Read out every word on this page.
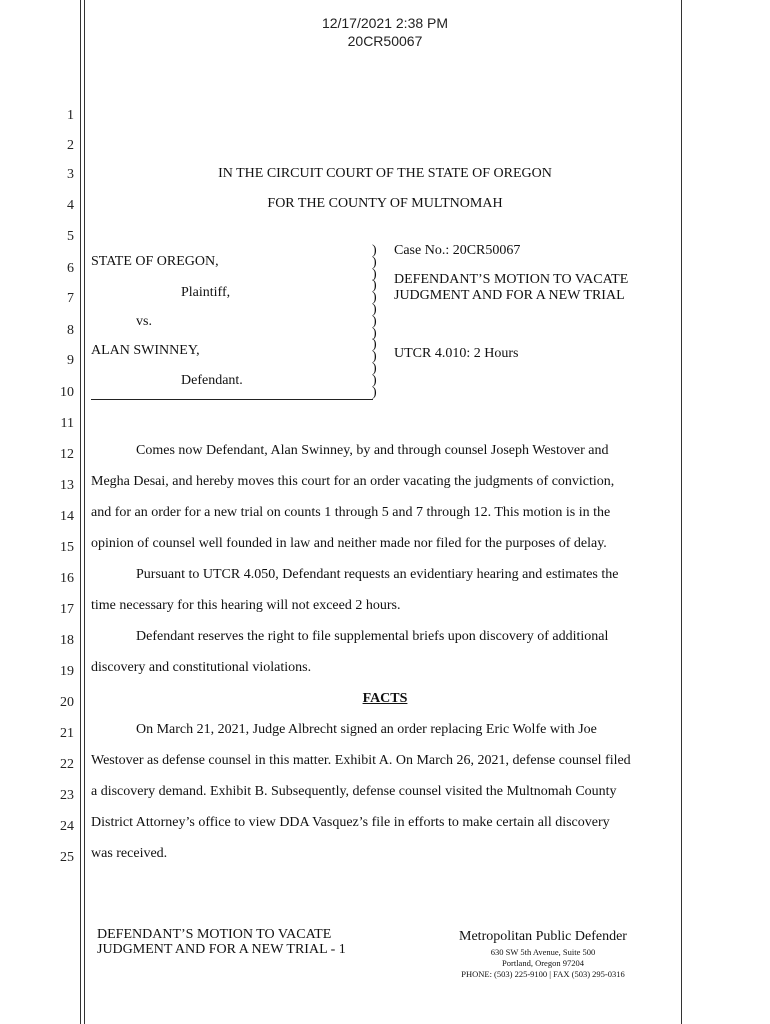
12/17/2021 2:38 PM
20CR50067
1
2
3
4
5
6
7
8
9
10
11
12
13
14
15
16
17
18
19
20
21
22
23
24
25
IN THE CIRCUIT COURT OF THE STATE OF OREGON
FOR THE COUNTY OF MULTNOMAH
STATE OF OREGON,
Plaintiff,
vs.
ALAN SWINNEY,
Defendant.
)
)
)
)
)
)
)
)
)
)
)
)
)
Case No.: 20CR50067
DEFENDANT’S MOTION TO VACATE
JUDGMENT AND FOR A NEW TRIAL
UTCR 4.010: 2 Hours
Comes now Defendant, Alan Swinney, by and through counsel Joseph Westover and
Megha Desai, and hereby moves this court for an order vacating the judgments of conviction,
and for an order for a new trial on counts 1 through 5 and 7 through 12. This motion is in the
opinion of counsel well founded in law and neither made nor filed for the purposes of delay.
Pursuant to UTCR 4.050, Defendant requests an evidentiary hearing and estimates the
time necessary for this hearing will not exceed 2 hours.
Defendant reserves the right to file supplemental briefs upon discovery of additional
discovery and constitutional violations.
FACTS
On March 21, 2021, Judge Albrecht signed an order replacing Eric Wolfe with Joe
Westover as defense counsel in this matter. Exhibit A. On March 26, 2021, defense counsel filed
a discovery demand. Exhibit B. Subsequently, defense counsel visited the Multnomah County
District Attorney’s office to view DDA Vasquez’s file in efforts to make certain all discovery
was received.
DEFENDANT’S MOTION TO VACATE
JUDGMENT AND FOR A NEW TRIAL - 1
Metropolitan Public Defender
630 SW 5th Avenue, Suite 500
Portland, Oregon 97204
PHONE: (503) 225-9100 | FAX (503) 295-0316
